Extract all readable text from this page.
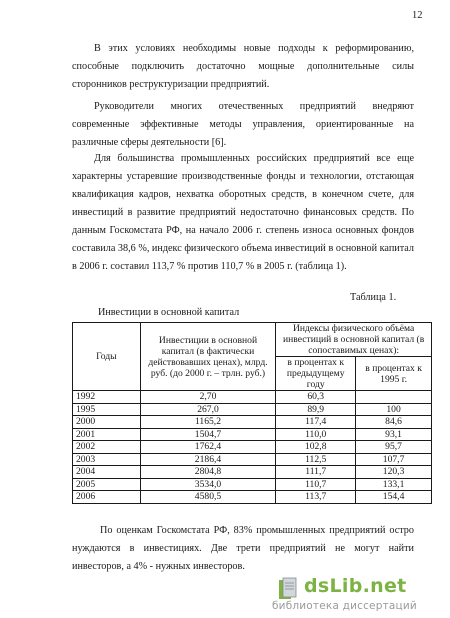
12

В этих условиях необходимы новые подходы к реформированию, способные подключить достаточно мощные дополнительные силы сторонников реструктуризации предприятий.

Руководители многих отечественных предприятий внедряют современные эффективные методы управления, ориентированные на различные сферы деятельности [6].

Для большинства промышленных российских предприятий все еще характерны устаревшие производственные фонды и технологии, отстающая квалификация кадров, нехватка оборотных средств, в конечном счете, для инвестиций в развитие предприятий недостаточно финансовых средств. По данным Госкомстата РФ, на начало 2006 г. степень износа основных фондов составила 38,6 %, индекс физического объема инвестиций в основной капитал в 2006 г. составил 113,7 % против 110,7 % в 2005 г. (таблица 1).

Таблица 1.
Инвестиции в основной капитал
Годы	Инвестиции в основной капитал (в фактически действовавших ценах), млрд. руб. (до 2000 г. – трлн. руб.)	Индексы физического объёма инвестиций в основной капитал (в сопоставимых ценах):	
		в процентах к предыдущему году	в процентах к 1995 г.
1992	2,70	60,3	
1995	267,0	89,9	100
2000	1165,2	117,4	84,6
2001	1504,7	110,0	93,1
2002	1762,4	102,8	95,7
2003	2186,4	112,5	107,7
2004	2804,8	111,7	120,3
2005	3534,0	110,7	133,1
2006	4580,5	113,7	154,4

По оценкам Госкомстата РФ, 83% промышленных предприятий остро нуждаются в инвестициях. Две трети предприятий не могут найти инвесторов, а 4% - нужных инвесторов.

dsLib.net
библиотека диссертаций
